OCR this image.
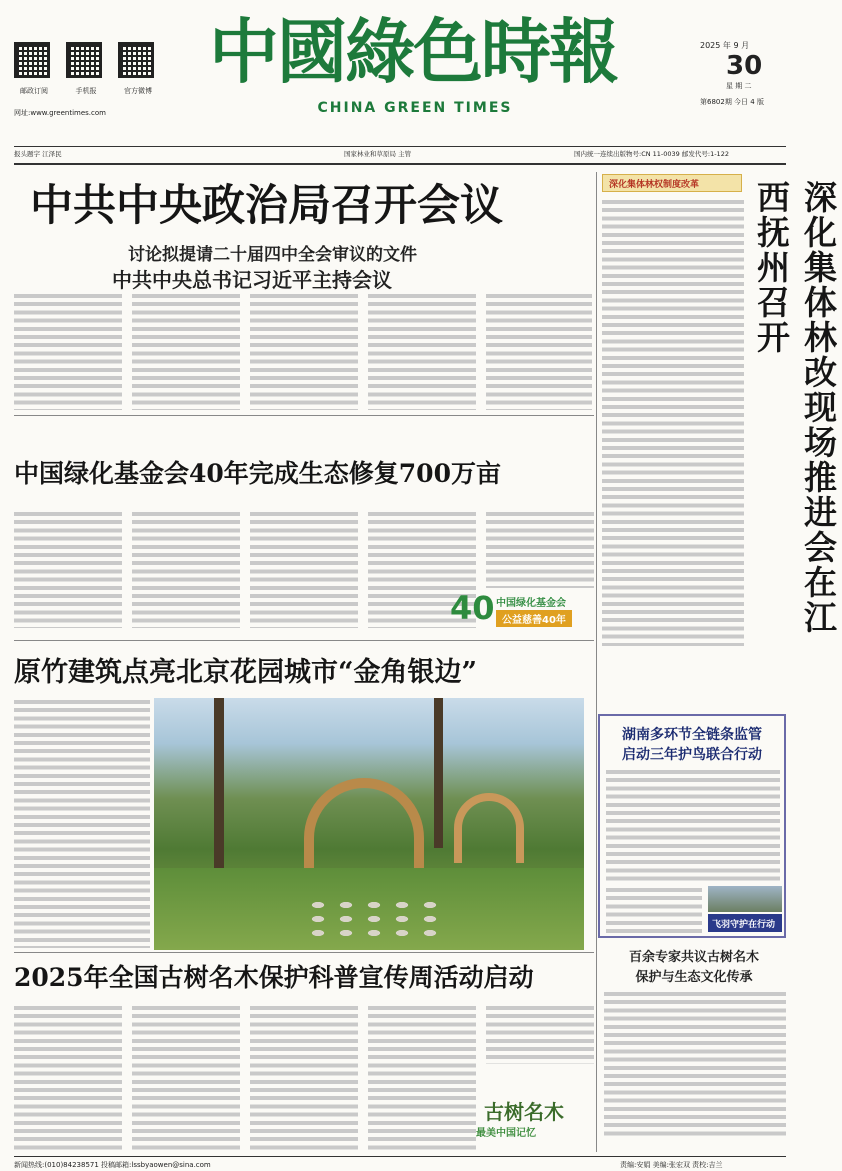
邮政订阅	手机报	官方微博
网址:www.greentimes.com
中國綠色時報
CHINA GREEN TIMES
2025 年 9 月
30
星 期 二
第6802期 今日 4 版
报头题字 江泽民	国家林业和草原局 主管	国内统一连续出版物号:CN 11-0039 邮发代号:1-122
中共中央政治局召开会议
讨论拟提请二十届四中全会审议的文件
中共中央总书记习近平主持会议
中国绿化基金会40年完成生态修复700万亩
40 中国绿化基金会
公益慈善40年
原竹建筑点亮北京花园城市“金角银边”
2025年全国古树名木保护科普宣传周活动启动
古树名木
最美中国记忆
深化集体林权制度改革	深化集体林改现场推进会在江西抚州召开
湖南多环节全链条监管
启动三年护鸟联合行动
飞羽守护在行动
百余专家共议古树名木
保护与生态文化传承
新闻热线:(010)84238571 投稿邮箱:lssbyaowen@sina.com	责编:安娟 美编:张宏双 责校:吉兰
